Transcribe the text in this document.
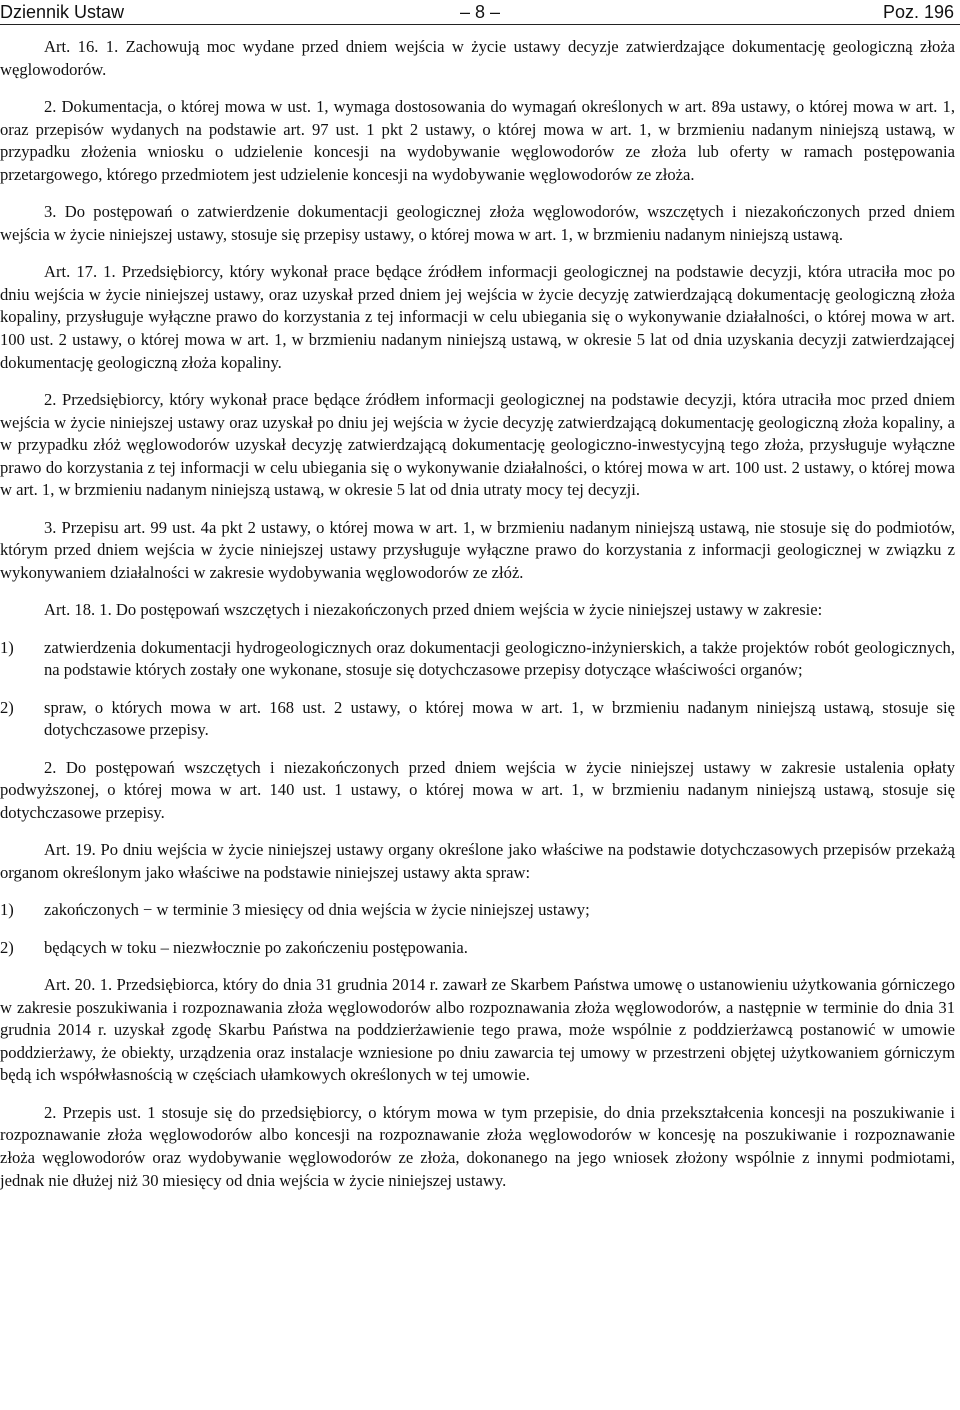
– 8 –
Dziennik Ustaw	Poz. 196

Art. 16. 1. Zachowują moc wydane przed dniem wejścia w życie ustawy decyzje zatwierdzające dokumentację geologiczną złoża węglowodorów.

2. Dokumentacja, o której mowa w ust. 1, wymaga dostosowania do wymagań określonych w art. 89a ustawy, o której mowa w art. 1, oraz przepisów wydanych na podstawie art. 97 ust. 1 pkt 2 ustawy, o której mowa w art. 1, w brzmieniu nadanym niniejszą ustawą, w przypadku złożenia wniosku o udzielenie koncesji na wydobywanie węglowodorów ze złoża lub oferty w ramach postępowania przetargowego, którego przedmiotem jest udzielenie koncesji na wydobywanie węglowodorów ze złoża.

3. Do postępowań o zatwierdzenie dokumentacji geologicznej złoża węglowodorów, wszczętych i niezakończonych przed dniem wejścia w życie niniejszej ustawy, stosuje się przepisy ustawy, o której mowa w art. 1, w brzmieniu nadanym niniejszą ustawą.

Art. 17. 1. Przedsiębiorcy, który wykonał prace będące źródłem informacji geologicznej na podstawie decyzji, która utraciła moc po dniu wejścia w życie niniejszej ustawy, oraz uzyskał przed dniem jej wejścia w życie decyzję zatwierdzającą dokumentację geologiczną złoża kopaliny, przysługuje wyłączne prawo do korzystania z tej informacji w celu ubiegania się o wykonywanie działalności, o której mowa w art. 100 ust. 2 ustawy, o której mowa w art. 1, w brzmieniu nadanym niniejszą ustawą, w okresie 5 lat od dnia uzyskania decyzji zatwierdzającej dokumentację geologiczną złoża kopaliny.

2. Przedsiębiorcy, który wykonał prace będące źródłem informacji geologicznej na podstawie decyzji, która utraciła moc przed dniem wejścia w życie niniejszej ustawy oraz uzyskał po dniu jej wejścia w życie decyzję zatwierdzającą dokumentację geologiczną złoża kopaliny, a w przypadku złóż węglowodorów uzyskał decyzję zatwierdzającą dokumentację geologiczno-inwestycyjną tego złoża, przysługuje wyłączne prawo do korzystania z tej informacji w celu ubiegania się o wykonywanie działalności, o której mowa w art. 100 ust. 2 ustawy, o której mowa w art. 1, w brzmieniu nadanym niniejszą ustawą, w okresie 5 lat od dnia utraty mocy tej decyzji.

3. Przepisu art. 99 ust. 4a pkt 2 ustawy, o której mowa w art. 1, w brzmieniu nadanym niniejszą ustawą, nie stosuje się do podmiotów, którym przed dniem wejścia w życie niniejszej ustawy przysługuje wyłączne prawo do korzystania z informacji geologicznej w związku z wykonywaniem działalności w zakresie wydobywania węglowodorów ze złóż.

Art. 18. 1. Do postępowań wszczętych i niezakończonych przed dniem wejścia w życie niniejszej ustawy w zakresie:

1)	zatwierdzenia dokumentacji hydrogeologicznych oraz dokumentacji geologiczno-inżynierskich, a także projektów robót geologicznych, na podstawie których zostały one wykonane, stosuje się dotychczasowe przepisy dotyczące właściwości organów;
2)	spraw, o których mowa w art. 168 ust. 2 ustawy, o której mowa w art. 1, w brzmieniu nadanym niniejszą ustawą, stosuje się dotychczasowe przepisy.

2. Do postępowań wszczętych i niezakończonych przed dniem wejścia w życie niniejszej ustawy w zakresie ustalenia opłaty podwyższonej, o której mowa w art. 140 ust. 1 ustawy, o której mowa w art. 1, w brzmieniu nadanym niniejszą ustawą, stosuje się dotychczasowe przepisy.

Art. 19. Po dniu wejścia w życie niniejszej ustawy organy określone jako właściwe na podstawie dotychczasowych przepisów przekażą organom określonym jako właściwe na podstawie niniejszej ustawy akta spraw:

1)	zakończonych − w terminie 3 miesięcy od dnia wejścia w życie niniejszej ustawy;
2)	będących w toku – niezwłocznie po zakończeniu postępowania.

Art. 20. 1. Przedsiębiorca, który do dnia 31 grudnia 2014 r. zawarł ze Skarbem Państwa umowę o ustanowieniu użytkowania górniczego w zakresie poszukiwania i rozpoznawania złoża węglowodorów albo rozpoznawania złoża węglowodorów, a następnie w terminie do dnia 31 grudnia 2014 r. uzyskał zgodę Skarbu Państwa na poddzierżawienie tego prawa, może wspólnie z poddzierżawcą postanowić w umowie poddzierżawy, że obiekty, urządzenia oraz instalacje wzniesione po dniu zawarcia tej umowy w przestrzeni objętej użytkowaniem górniczym będą ich współwłasnością w częściach ułamkowych określonych w tej umowie.

2. Przepis ust. 1 stosuje się do przedsiębiorcy, o którym mowa w tym przepisie, do dnia przekształcenia koncesji na poszukiwanie i rozpoznawanie złoża węglowodorów albo koncesji na rozpoznawanie złoża węglowodorów w koncesję na poszukiwanie i rozpoznawanie złoża węglowodorów oraz wydobywanie węglowodorów ze złoża, dokonanego na jego wniosek złożony wspólnie z innymi podmiotami, jednak nie dłużej niż 30 miesięcy od dnia wejścia w życie niniejszej ustawy.
